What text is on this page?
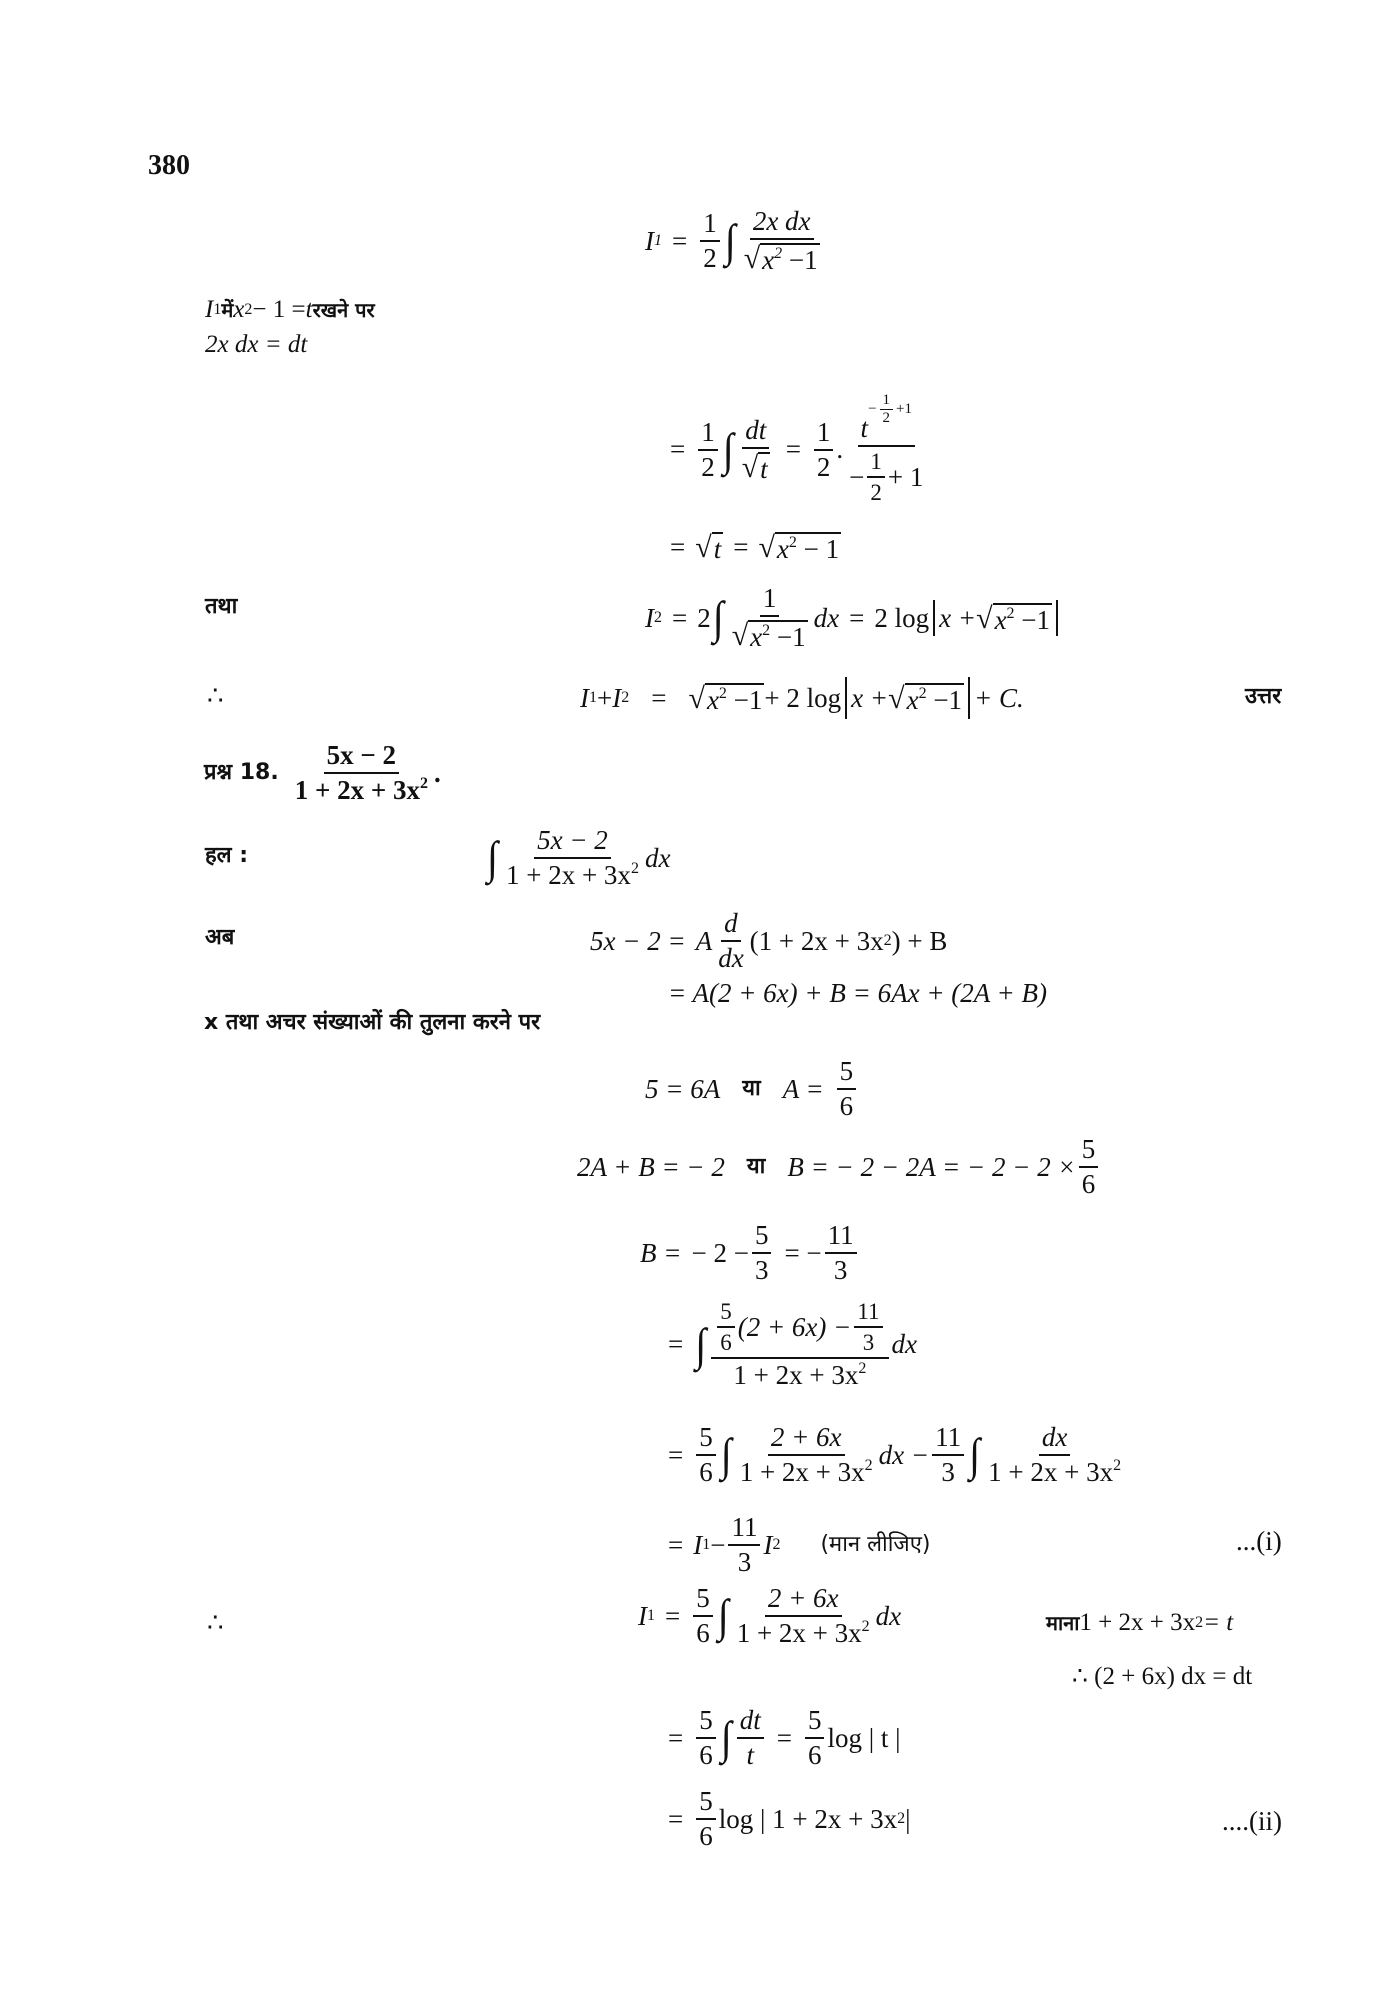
380
I $1 = \frac{1}{2}$ ∫ $\frac{\text{2x dx}}{√ x^2 -1}$
I 1 में x 2 − 1 = t रखने पर
2x dx = dt
= $\frac{1}{2}$ ∫ $\frac{dt}{√ t} = \frac{1}{2}$ . t
− $\frac{1}{2} +1$
− $\frac{1}{2} + 1$
= √ t = √ $x^2 - 1$
तथा	I 2 = 2 ∫ $\frac{1}{√ x^2 -1}$ dx = 2 log x + √ $x^2 -1$
∴	I 1 + I 2 = √ $x^2 -1 + 2$ log x + √ $x^2 -1 + C$.	उत्तर
प्रश्न 18. $\frac{5x - 2}{1 + 2x + 3x^2}$ .
हल :	∫ $\frac{5x - 2}{1 + 2x + 3x^2}$ dx
अब	5x − 2 = A $\frac{d}{dx} (1 + 2x + 3x$ 2 ) + B
= A(2 + 6x) + B = 6Ax + (2A + B)
x तथा अचर संख्याओं की तुलना करने पर
5 = 6A या $A = \frac{5}{6}$
2A + B = − 2 या B = − 2 − 2A = − $2 - 2 \times \frac{5}{6}$
B = − $2 - \frac{5}{3}$ = − $\frac{11}{3}$
= ∫ $\frac{\frac{5}{6} (2 + 6x) - \frac{11}{3}}{1 + 2x + 3x^2}$ dx
= $\frac{5}{6}$ ∫ $\frac{2 + 6x}{1 + 2x + 3x^2}$ dx − $\frac{11}{3}$ ∫ $\frac{dx}{1 + 2x + 3x^2}$
= I $1 - \frac{11}{3}$ I 2 (मान लीजिए)	...(i)
∴	I $1 = \frac{5}{6}$ ∫ $\frac{2 + 6x}{1 + 2x + 3x^2}$ dx	माना 1 + 2x + 3x 2 = t
∴ (2 + 6x) dx = dt
= $\frac{5}{6}$ ∫ $\frac{dt}{t} = \frac{5}{6}$ log | t |
= $\frac{5}{6}$ log | 1 + 2x + 3x 2 |	....(ii)
